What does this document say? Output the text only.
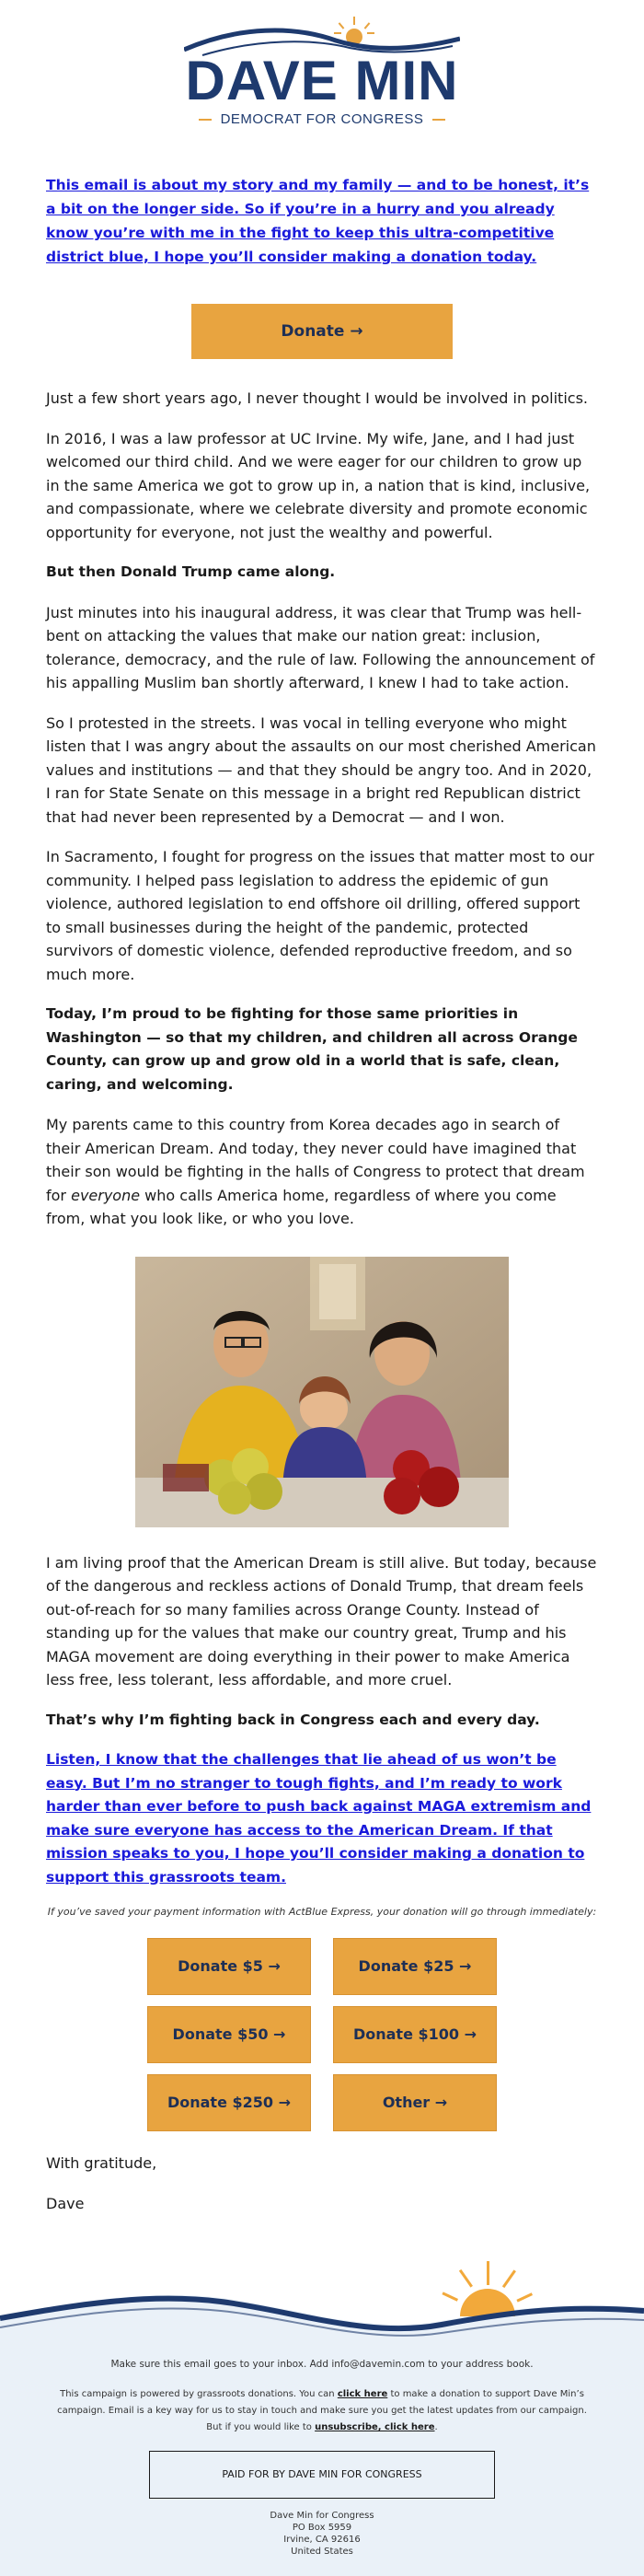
DAVE MIN
DEMOCRAT FOR CONGRESS
This email is about my story and my family — and to be honest, it’s a bit on the longer side. So if you’re in a hurry and you already know you’re with me in the fight to keep this ultra-competitive district blue, I hope you’ll consider making a donation today.
Donate →

Just a few short years ago, I never thought I would be involved in politics.

In 2016, I was a law professor at UC Irvine. My wife, Jane, and I had just welcomed our third child. And we were eager for our children to grow up in the same America we got to grow up in, a nation that is kind, inclusive, and compassionate, where we celebrate diversity and promote economic opportunity for everyone, not just the wealthy and powerful.

But then Donald Trump came along.

Just minutes into his inaugural address, it was clear that Trump was hell-bent on attacking the values that make our nation great: inclusion, tolerance, democracy, and the rule of law. Following the announcement of his appalling Muslim ban shortly afterward, I knew I had to take action.

So I protested in the streets. I was vocal in telling everyone who might listen that I was angry about the assaults on our most cherished American values and institutions — and that they should be angry too. And in 2020, I ran for State Senate on this message in a bright red Republican district that had never been represented by a Democrat — and I won.

In Sacramento, I fought for progress on the issues that matter most to our community. I helped pass legislation to address the epidemic of gun violence, authored legislation to end offshore oil drilling, offered support to small businesses during the height of the pandemic, protected survivors of domestic violence, defended reproductive freedom, and so much more.

Today, I’m proud to be fighting for those same priorities in Washington — so that my children, and children all across Orange County, can grow up and grow old in a world that is safe, clean, caring, and welcoming.

My parents came to this country from Korea decades ago in search of their American Dream. And today, they never could have imagined that their son would be fighting in the halls of Congress to protect that dream for everyone who calls America home, regardless of where you come from, what you look like, or who you love.

I am living proof that the American Dream is still alive. But today, because of the dangerous and reckless actions of Donald Trump, that dream feels out-of-reach for so many families across Orange County. Instead of standing up for the values that make our country great, Trump and his MAGA movement are doing everything in their power to make America less free, less tolerant, less affordable, and more cruel.

That’s why I’m fighting back in Congress each and every day.

Listen, I know that the challenges that lie ahead of us won’t be easy. But I’m no stranger to tough fights, and I’m ready to work harder than ever before to push back against MAGA extremism and make sure everyone has access to the American Dream. If that mission speaks to you, I hope you’ll consider making a donation to support this grassroots team.
If you’ve saved your payment information with ActBlue Express, your donation will go through immediately:
Donate $5 →	Donate $25 →
Donate $50 →	Donate $100 →
Donate $250 →	Other →

With gratitude,

Dave

Make sure this email goes to your inbox. Add info@davemin.com to your address book.
This campaign is powered by grassroots donations. You can click here to make a donation to support Dave Min’s campaign. Email is a key way for us to stay in touch and make sure you get the latest updates from our campaign. But if you would like to unsubscribe, click here.
PAID FOR BY DAVE MIN FOR CONGRESS
Dave Min for Congress
PO Box 5959
Irvine, CA 92616
United States
